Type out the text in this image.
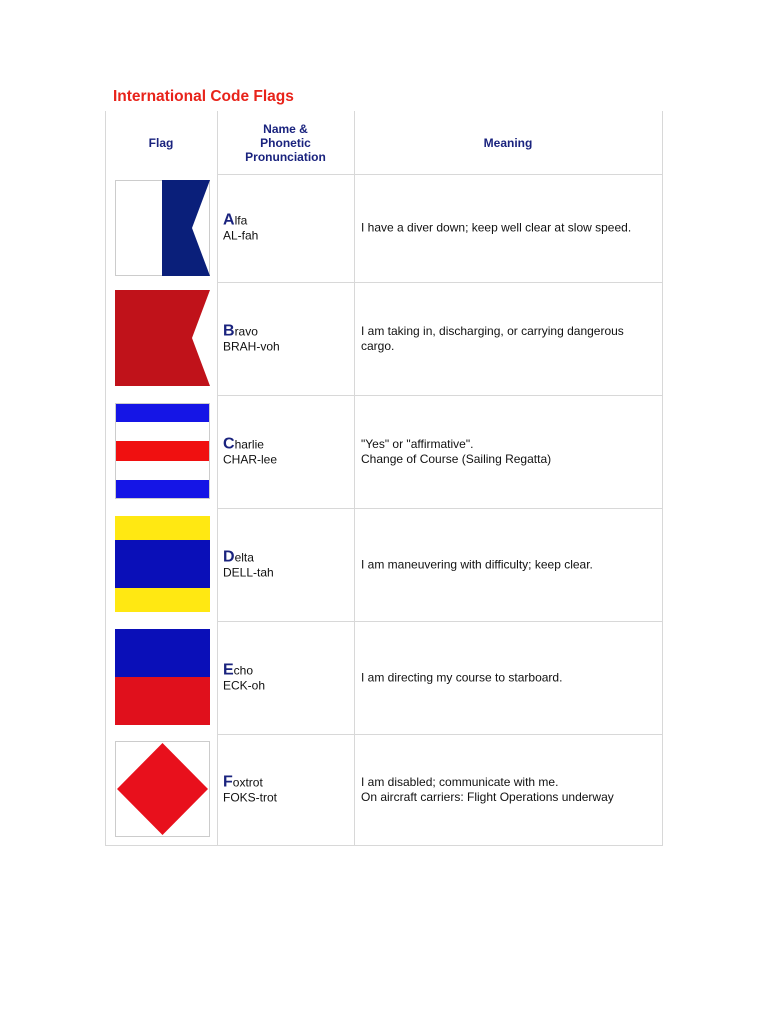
International Code Flags
Flag
Name &
Phonetic
Pronunciation
Meaning
Alfa
AL-fah
I have a diver down; keep well clear at slow speed.
Bravo
BRAH-voh
I am taking in, discharging, or carrying dangerous
cargo.
Charlie
CHAR-lee
"Yes" or "affirmative".
Change of Course (Sailing Regatta)
Delta
DELL-tah
I am maneuvering with difficulty; keep clear.
Echo
ECK-oh
I am directing my course to starboard.
Foxtrot
FOKS-trot
I am disabled; communicate with me.
On aircraft carriers: Flight Operations underway
